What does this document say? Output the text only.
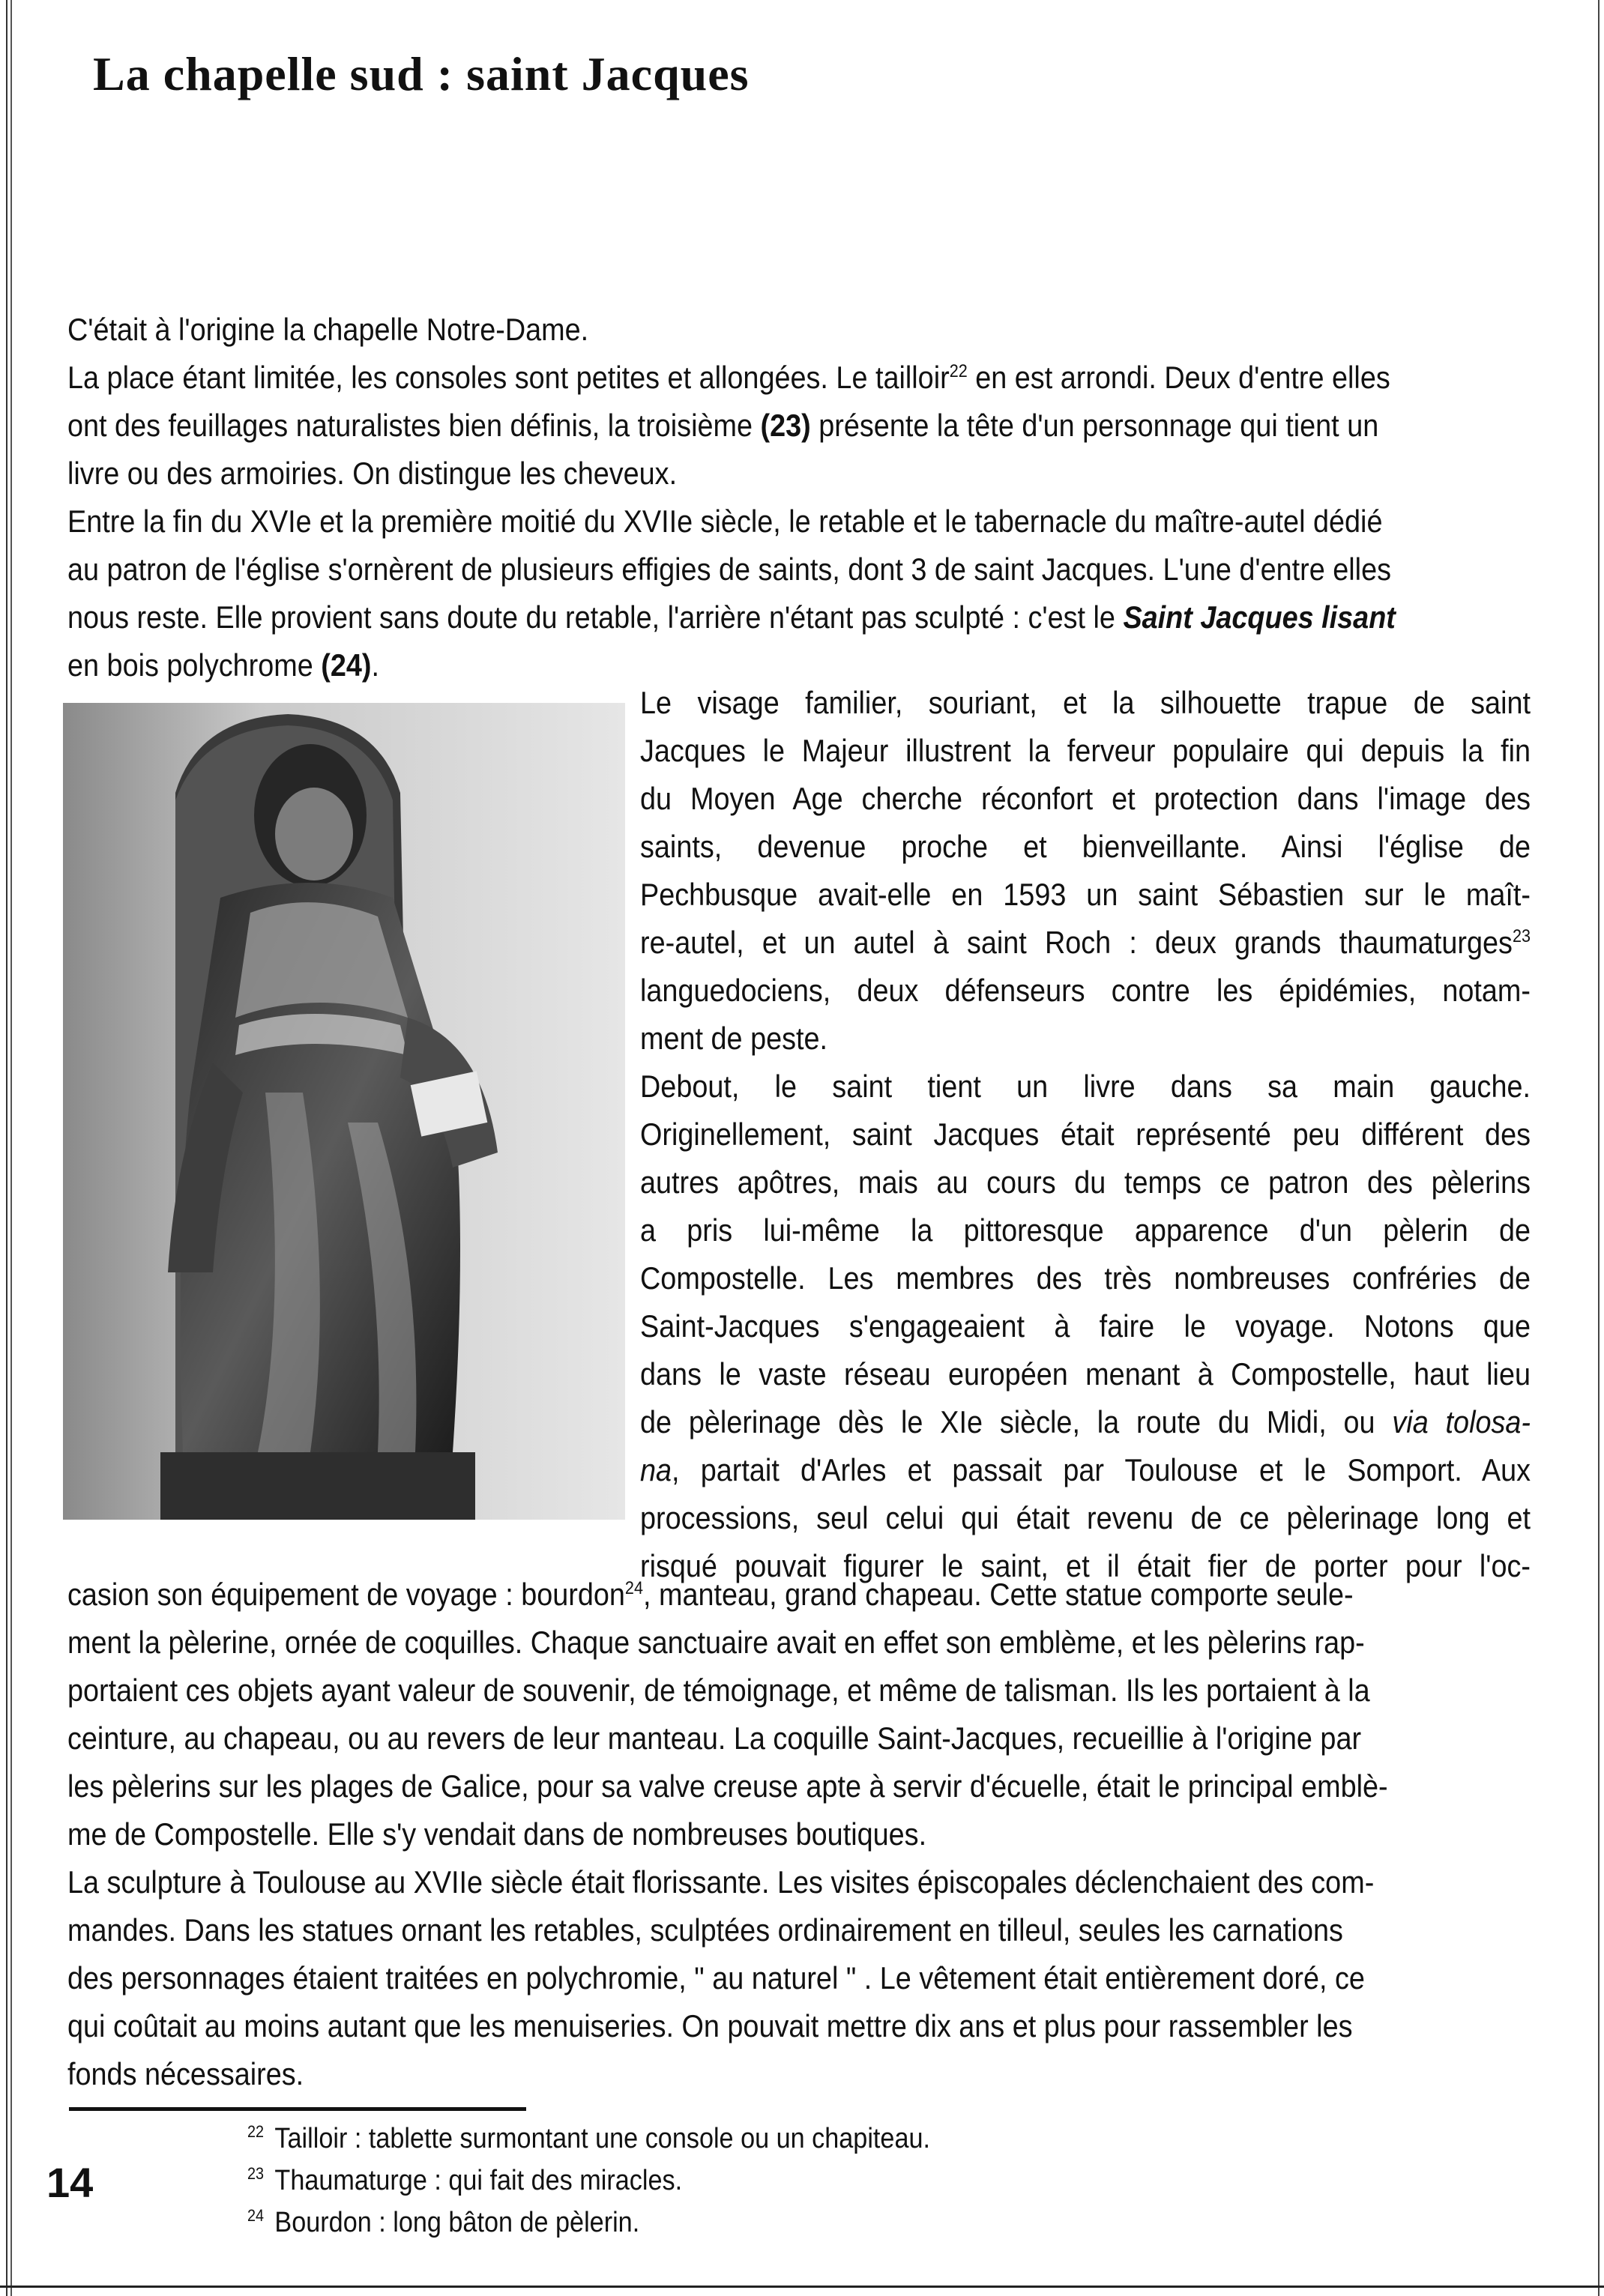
La chapelle sud : saint Jacques
C'était à l'origine la chapelle Notre-Dame.
La place étant limitée, les consoles sont petites et allongées. Le tailloir$^{22}$ en est arrondi. Deux d'entre elles
ont des feuillages naturalistes bien définis, la troisième (23) présente la tête d'un personnage qui tient un
livre ou des armoiries. On distingue les cheveux.
Entre la fin du XVIe et la première moitié du XVIIe siècle, le retable et le tabernacle du maître-autel dédié
au patron de l'église s'ornèrent de plusieurs effigies de saints, dont 3 de saint Jacques. L'une d'entre elles
nous reste. Elle provient sans doute du retable, l'arrière n'étant pas sculpté : c'est le Saint Jacques lisant
en bois polychrome (24).
Le visage familier, souriant, et la silhouette trapue de saint
Jacques le Majeur illustrent la ferveur populaire qui depuis la fin
du Moyen Age cherche réconfort et protection dans l'image des
saints, devenue proche et bienveillante. Ainsi l'église de
Pechbusque avait-elle en 1593 un saint Sébastien sur le maît-
re-autel, et un autel à saint Roch : deux grands thaumaturges$^{23}$
languedociens, deux défenseurs contre les épidémies, notam-
ment de peste.
Debout, le saint tient un livre dans sa main gauche.
Originellement, saint Jacques était représenté peu différent des
autres apôtres, mais au cours du temps ce patron des pèlerins
a pris lui-même la pittoresque apparence d'un pèlerin de
Compostelle. Les membres des très nombreuses confréries de
Saint-Jacques s'engageaient à faire le voyage. Notons que
dans le vaste réseau européen menant à Compostelle, haut lieu
de pèlerinage dès le XIe siècle, la route du Midi, ou via tolosa-
na, partait d'Arles et passait par Toulouse et le Somport. Aux
processions, seul celui qui était revenu de ce pèlerinage long et
risqué pouvait figurer le saint, et il était fier de porter pour l'oc-
casion son équipement de voyage : bourdon$^{24}$, manteau, grand chapeau. Cette statue comporte seule-
ment la pèlerine, ornée de coquilles. Chaque sanctuaire avait en effet son emblème, et les pèlerins rap-
portaient ces objets ayant valeur de souvenir, de témoignage, et même de talisman. Ils les portaient à la
ceinture, au chapeau, ou au revers de leur manteau. La coquille Saint-Jacques, recueillie à l'origine par
les pèlerins sur les plages de Galice, pour sa valve creuse apte à servir d'écuelle, était le principal emblè-
me de Compostelle. Elle s'y vendait dans de nombreuses boutiques.
La sculpture à Toulouse au XVIIe siècle était florissante. Les visites épiscopales déclenchaient des com-
mandes. Dans les statues ornant les retables, sculptées ordinairement en tilleul, seules les carnations
des personnages étaient traitées en polychromie, " au naturel " . Le vêtement était entièrement doré, ce
qui coûtait au moins autant que les menuiseries. On pouvait mettre dix ans et plus pour rassembler les
fonds nécessaires.
14
$^{22}$ Tailloir : tablette surmontant une console ou un chapiteau.
$^{23}$ Thaumaturge : qui fait des miracles.
$^{24}$ Bourdon : long bâton de pèlerin.
